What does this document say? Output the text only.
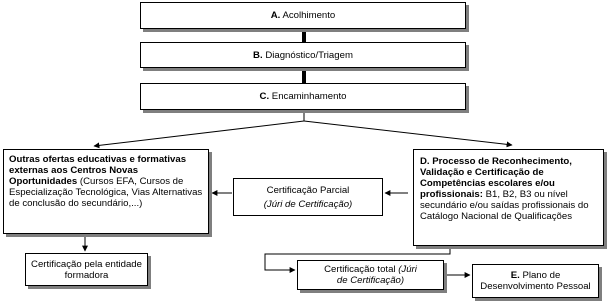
A. Acolhimento
B. Diagnóstico/Triagem
C. Encaminhamento

Outras ofertas educativas e formativas externas aos Centros Novas Oportunidades (Cursos EFA, Cursos de Especialização Tecnológica, Vias Alternativas de conclusão do secundário,...)

Certificação pela entidade formadora
Certificação Parcial
(Júri de Certificação)

D. Processo de Reconhecimento, Validação e Certificação de Competências escolares e/ou profissionais: B1, B2, B3 ou nível secundário e/ou saídas profissionais do Catálogo Nacional de Qualificações

Certificação total (Júri
de Certificação)	E. Plano de Desenvolvimento Pessoal
